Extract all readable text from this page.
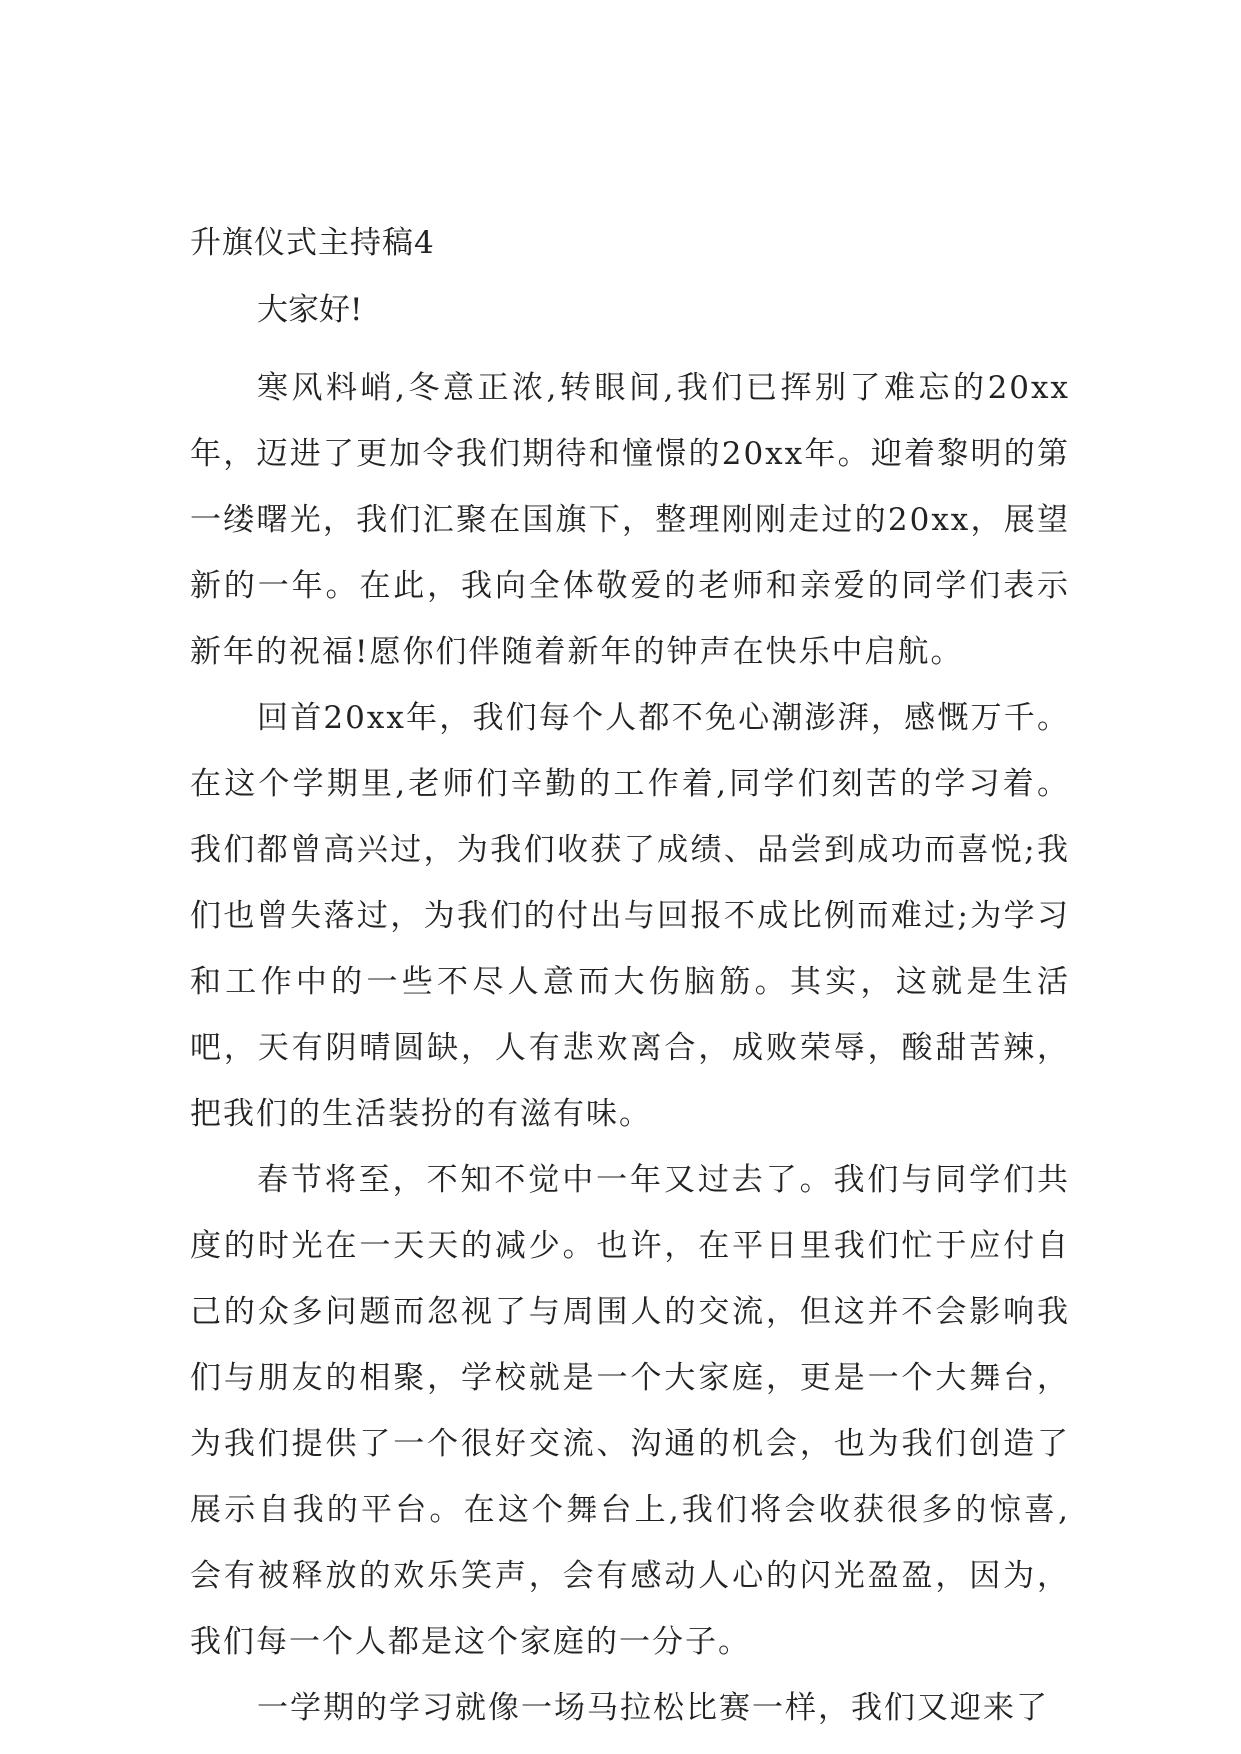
升旗仪式主持稿4
大家好!

寒风料峭,冬意正浓,转眼间,我们已挥别了难忘的20xx年，迈进了更加令我们期待和憧憬的20xx年。迎着黎明的第一缕曙光，我们汇聚在国旗下，整理刚刚走过的20xx，展望新的一年。在此，我向全体敬爱的老师和亲爱的同学们表示新年的祝福!愿你们伴随着新年的钟声在快乐中启航。

回首20xx年，我们每个人都不免心潮澎湃，感慨万千。在这个学期里,老师们辛勤的工作着,同学们刻苦的学习着。我们都曾高兴过，为我们收获了成绩、品尝到成功而喜悦;我们也曾失落过，为我们的付出与回报不成比例而难过;为学习和工作中的一些不尽人意而大伤脑筋。其实，这就是生活吧，天有阴晴圆缺，人有悲欢离合，成败荣辱，酸甜苦辣，把我们的生活装扮的有滋有味。

春节将至，不知不觉中一年又过去了。我们与同学们共度的时光在一天天的减少。也许，在平日里我们忙于应付自己的众多问题而忽视了与周围人的交流，但这并不会影响我们与朋友的相聚，学校就是一个大家庭，更是一个大舞台，为我们提供了一个很好交流、沟通的机会，也为我们创造了展示自我的平台。在这个舞台上,我们将会收获很多的惊喜,会有被释放的欢乐笑声，会有感动人心的闪光盈盈，因为，我们每一个人都是这个家庭的一分子。

一学期的学习就像一场马拉松比赛一样，我们又迎来了
